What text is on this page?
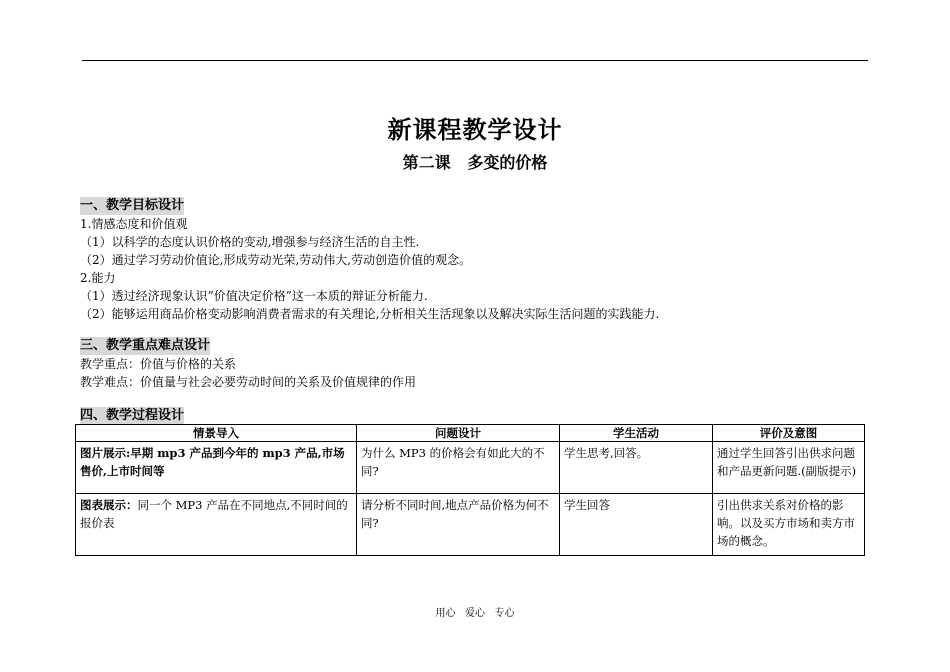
新课程教学设计
第二课   多变的价格
一、教学目标设计
1.情感态度和价值观
（1）以科学的态度认识价格的变动,增强参与经济生活的自主性.
（2）通过学习劳动价值论,形成劳动光荣,劳动伟大,劳动创造价值的观念。
2.能力
（1）透过经济现象认识”价值决定价格”这一本质的辩证分析能力.
（2）能够运用商品价格变动影响消费者需求的有关理论,分析相关生活现象以及解决实际生活问题的实践能力.
三、教学重点难点设计
教学重点：价值与价格的关系
教学难点：价值量与社会必要劳动时间的关系及价值规律的作用
四、教学过程设计
情景导入	问题设计	学生活动	评价及意图
图片展示:早期 mp3 产品到今年的 mp3 产品,市场售价,上市时间等	为什么 MP3 的价格会有如此大的不同?	学生思考,回答。	通过学生回答引出供求问题和产品更新问题.(副版提示)
图表展示：同一个 MP3 产品在不同地点,不同时间的报价表	请分析不同时间,地点产品价格为何不同?	学生回答	引出供求关系对价格的影响。以及买方市场和卖方市场的概念。
用心   爱心   专心
